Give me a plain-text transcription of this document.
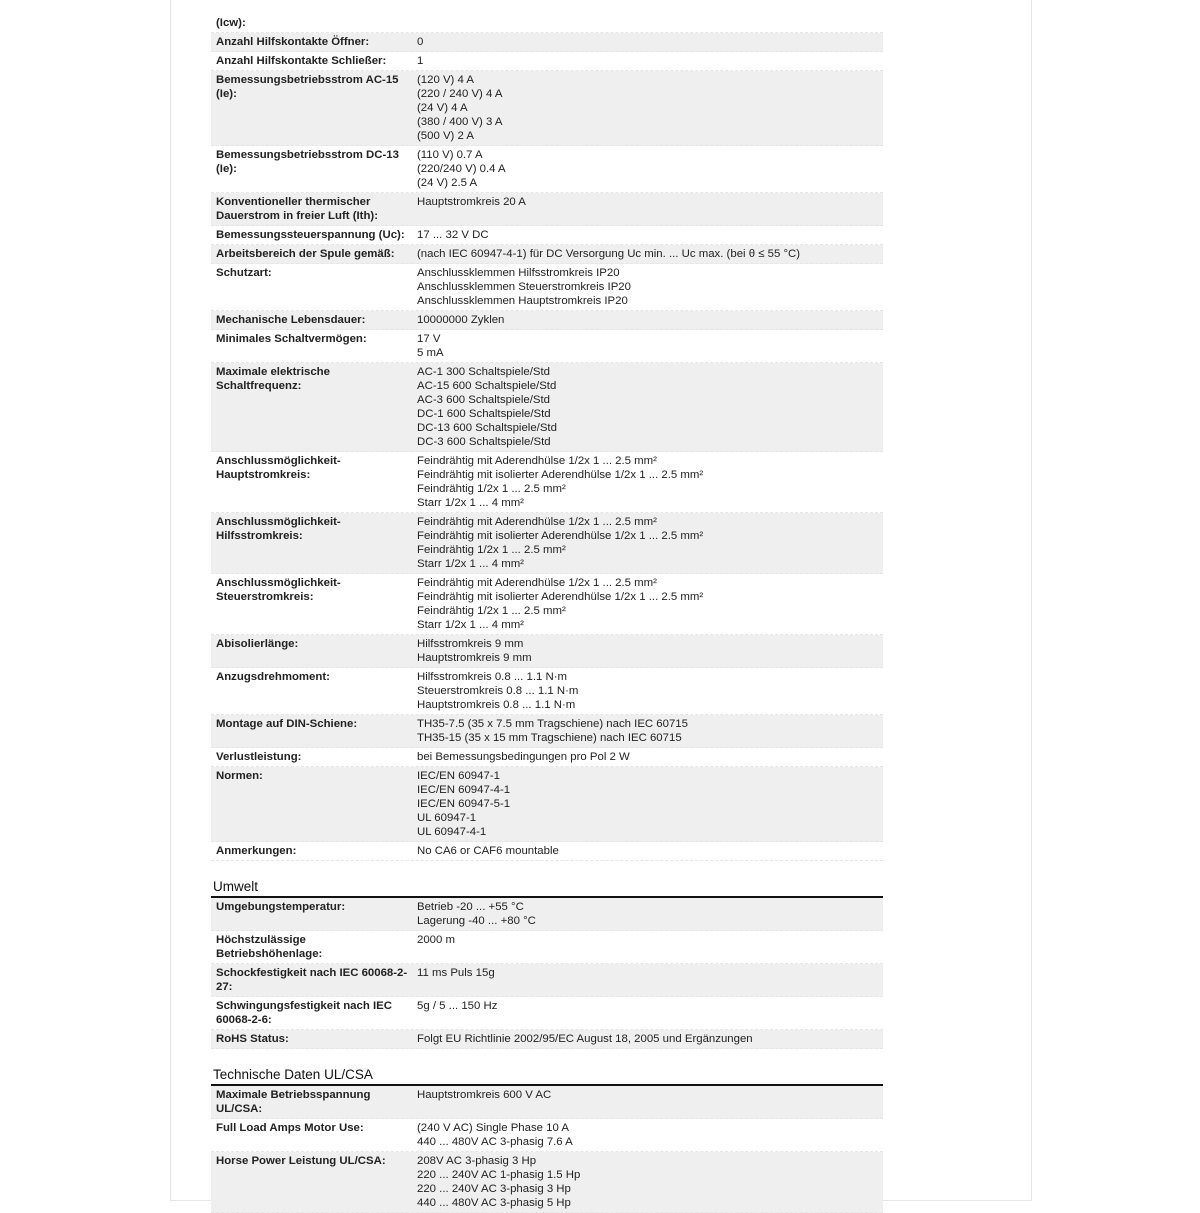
(Icw):
Anzahl Hilfskontakte Öffner:	0
Anzahl Hilfskontakte Schließer:	1
Bemessungsbetriebsstrom AC-15 (Ie):
(120 V) 4 A
(220 / 240 V) 4 A
(24 V) 4 A
(380 / 400 V) 3 A
(500 V) 2 A
Bemessungsbetriebsstrom DC-13 (Ie):
(110 V) 0.7 A
(220/240 V) 0.4 A
(24 V) 2.5 A
Konventioneller thermischer Dauerstrom in freier Luft (Ith):
Hauptstromkreis 20 A
Bemessungssteuerspannung (Uc):	17 ... 32 V DC
Arbeitsbereich der Spule gemäß:	(nach IEC 60947-4-1) für DC Versorgung Uc min. ... Uc max. (bei θ ≤ 55 °C)
Schutzart:	Anschlussklemmen Hilfsstromkreis IP20
Anschlussklemmen Steuerstromkreis IP20
Anschlussklemmen Hauptstromkreis IP20
Mechanische Lebensdauer:	10000000 Zyklen
Minimales Schaltvermögen:	17 V
5 mA
Maximale elektrische Schaltfrequenz:
AC-1 300 Schaltspiele/Std
AC-15 600 Schaltspiele/Std
AC-3 600 Schaltspiele/Std
DC-1 600 Schaltspiele/Std
DC-13 600 Schaltspiele/Std
DC-3 600 Schaltspiele/Std
Anschlussmöglichkeit-Hauptstromkreis:
Feindrähtig mit Aderendhülse 1/2x 1 ... 2.5 mm²
Feindrähtig mit isolierter Aderendhülse 1/2x 1 ... 2.5 mm²
Feindrähtig 1/2x 1 ... 2.5 mm²
Starr 1/2x 1 ... 4 mm²
Anschlussmöglichkeit-Hilfsstromkreis:
Feindrähtig mit Aderendhülse 1/2x 1 ... 2.5 mm²
Feindrähtig mit isolierter Aderendhülse 1/2x 1 ... 2.5 mm²
Feindrähtig 1/2x 1 ... 2.5 mm²
Starr 1/2x 1 ... 4 mm²
Anschlussmöglichkeit-Steuerstromkreis:
Feindrähtig mit Aderendhülse 1/2x 1 ... 2.5 mm²
Feindrähtig mit isolierter Aderendhülse 1/2x 1 ... 2.5 mm²
Feindrähtig 1/2x 1 ... 2.5 mm²
Starr 1/2x 1 ... 4 mm²
Abisolierlänge:	Hilfsstromkreis 9 mm
Hauptstromkreis 9 mm
Anzugsdrehmoment:	Hilfsstromkreis 0.8 ... 1.1 N·m
Steuerstromkreis 0.8 ... 1.1 N·m
Hauptstromkreis 0.8 ... 1.1 N·m
Montage auf DIN-Schiene:	TH35-7.5 (35 x 7.5 mm Tragschiene) nach IEC 60715
TH35-15 (35 x 15 mm Tragschiene) nach IEC 60715
Verlustleistung:	bei Bemessungsbedingungen pro Pol 2 W
Normen:	IEC/EN 60947-1
IEC/EN 60947-4-1
IEC/EN 60947-5-1
UL 60947-1
UL 60947-4-1
Anmerkungen:	No CA6 or CAF6 mountable
Umwelt
Umgebungstemperatur:	Betrieb -20 ... +55 °C
Lagerung -40 ... +80 °C
Höchstzulässige Betriebshöhenlage:
2000 m
Schockfestigkeit nach IEC 60068-2-27:
11 ms Puls 15g
Schwingungsfestigkeit nach IEC 60068-2-6:
5g / 5 ... 150 Hz
RoHS Status:	Folgt EU Richtlinie 2002/95/EC August 18, 2005 und Ergänzungen
Technische Daten UL/CSA
Maximale Betriebsspannung UL/CSA:
Hauptstromkreis 600 V AC
Full Load Amps Motor Use:	(240 V AC) Single Phase 10 A
440 ... 480V AC 3-phasig 7.6 A
Horse Power Leistung UL/CSA:	208V AC 3-phasig 3 Hp
220 ... 240V AC 1-phasig 1.5 Hp
220 ... 240V AC 3-phasig 3 Hp
440 ... 480V AC 3-phasig 5 Hp
